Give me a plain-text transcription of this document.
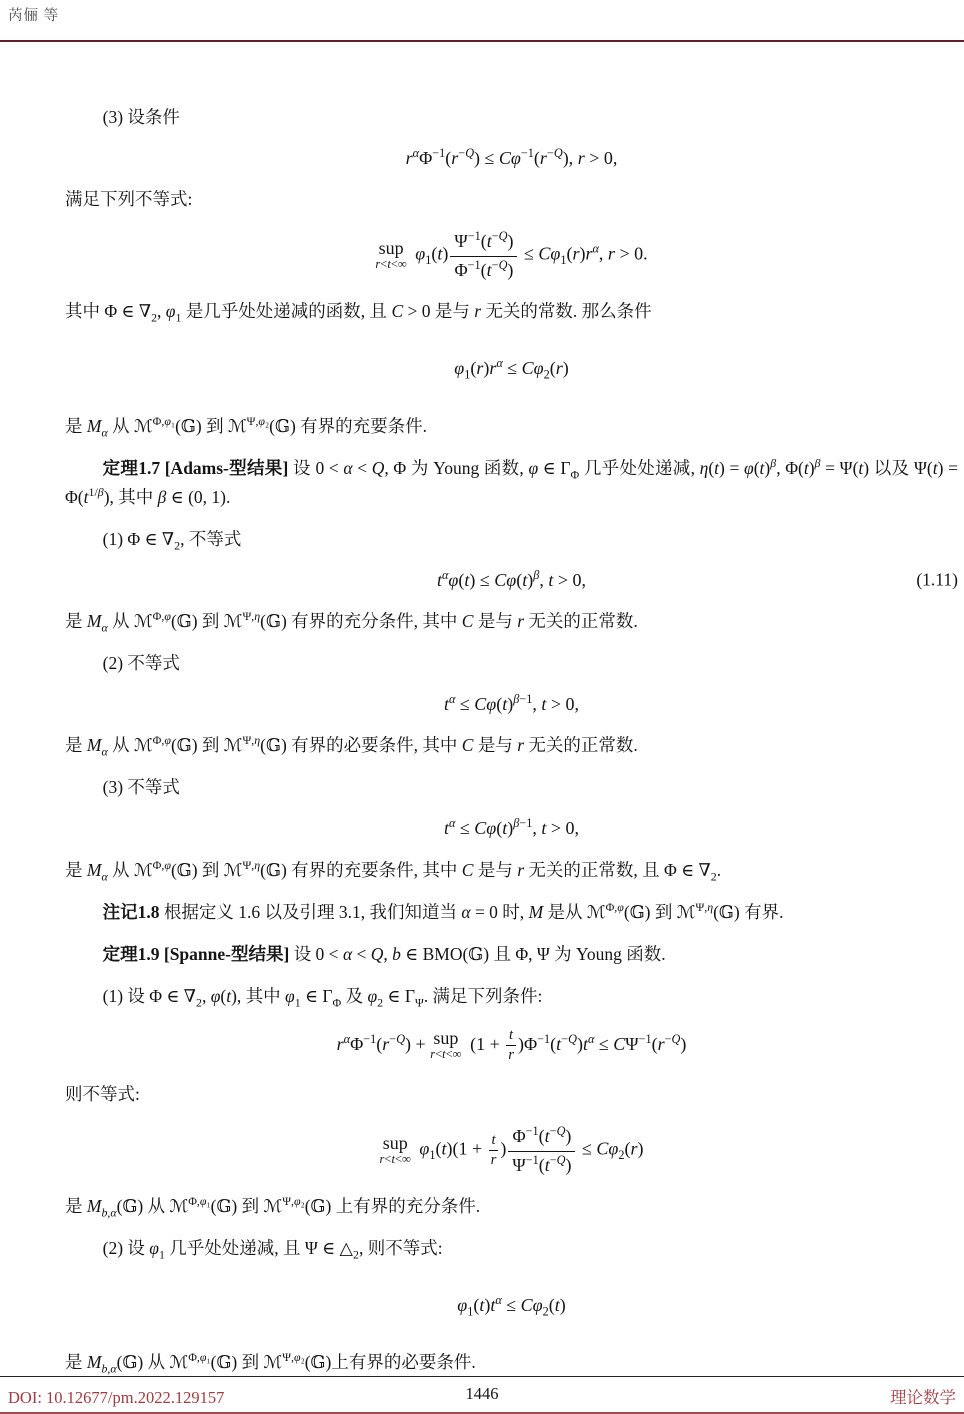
芮俪 等
(3) 设条件
$r^\alpha\Phi^{-1}(r^{-Q}) \le C\varphi^{-1}(r^{-Q})$, r > 0,
满足下列不等式:
sup
r<t<∞
$\varphi_1(t) \frac{\Psi^{-1}(t^{-Q})}{\Phi^{-1}(t^{-Q})} \le C\varphi_1(r)r^\alpha$, r > 0.
其中 Φ ∈ $\nabla_2$, $\varphi_1$ 是几乎处处递减的函数, 且 C > 0 是与 r 无关的常数. 那么条件
$\varphi_1(r)r^\alpha \le C\varphi_2(r)$
是 $M_\alpha$ 从 ℳ$^{\Phi,\varphi_1}$(𝔾) 到 ℳ$^{\Psi,\varphi_2}$(𝔾) 有界的充要条件.
定理1.7 [Adams-型结果] 设 0 < α < Q, Φ 为 Young 函数, φ ∈ $\Gamma_\Phi$ 几乎处处递减, $\eta(t) = \varphi(t)^\beta$, $\Phi(t)^\beta = \Psi(t)$ 以及 $\Psi(t) = \Phi(t^{1/\beta})$, 其中 β ∈ (0, 1).
(1) Φ ∈ $\nabla_2$, 不等式
$t^\alpha\varphi(t) \le C\varphi(t)^\beta$, t > 0,	(1.11)
是 $M_\alpha$ 从 ℳ$^{\Phi,\varphi}$(𝔾) 到 ℳ$^{\Psi,\eta}$(𝔾) 有界的充分条件, 其中 C 是与 r 无关的正常数.
(2) 不等式
$t^\alpha \le C\varphi(t)^{\beta-1}$, t > 0,
是 $M_\alpha$ 从 ℳ$^{\Phi,\varphi}$(𝔾) 到 ℳ$^{\Psi,\eta}$(𝔾) 有界的必要条件, 其中 C 是与 r 无关的正常数.
(3) 不等式
$t^\alpha \le C\varphi(t)^{\beta-1}$, t > 0,
是 $M_\alpha$ 从 ℳ$^{\Phi,\varphi}$(𝔾) 到 ℳ$^{\Psi,\eta}$(𝔾) 有界的充要条件, 其中 C 是与 r 无关的正常数, 且 Φ ∈ $\nabla_2$.
注记1.8 根据定义 1.6 以及引理 3.1, 我们知道当 α = 0 时, M 是从 ℳ$^{\Phi,\varphi}$(𝔾) 到 ℳ$^{\Psi,\eta}$(𝔾) 有界.
定理1.9 [Spanne-型结果] 设 0 < α < Q, b ∈ BMO(𝔾) 且 Φ, Ψ 为 Young 函数.
(1) 设 Φ ∈ $\nabla_2$, φ(t), 其中 $\varphi_1$ ∈ $\Gamma_\Phi$ 及 $\varphi_2$ ∈ $\Gamma_\Psi$. 满足下列条件:
$r^\alpha\Phi^{-1}(r^{-Q})$ + sup
r<t<∞
$(1 + \frac{t}{r} )\Phi^{-1}(t^{-Q})t^\alpha \le C\Psi^{-1}(r^{-Q})$
则不等式:
sup
r<t<∞
$\varphi_1(t)(1 + \frac{t}{r}$ ) $\frac{\Phi^{-1}(t^{-Q})}{\Psi^{-1}(t^{-Q})} \le C\varphi_2(r)$
是 $M_{b,\alpha}(𝔾)$ 从 ℳ$^{\Phi,\varphi_1}$(𝔾) 到 ℳ$^{\Psi,\varphi_2}$(𝔾) 上有界的充分条件.
(2) 设 $\varphi_1$ 几乎处处递减, 且 Ψ ∈ $\triangle_2$, 则不等式:
$\varphi_1(t)t^\alpha \le C\varphi_2(t)$
是 $M_{b,\alpha}(𝔾)$ 从 ℳ$^{\Phi,\varphi_1}$(𝔾) 到 ℳ$^{\Psi,\varphi_2}$(𝔾)上有界的必要条件.
DOI: 10.12677/pm.2022.129157	1446	理论数学
